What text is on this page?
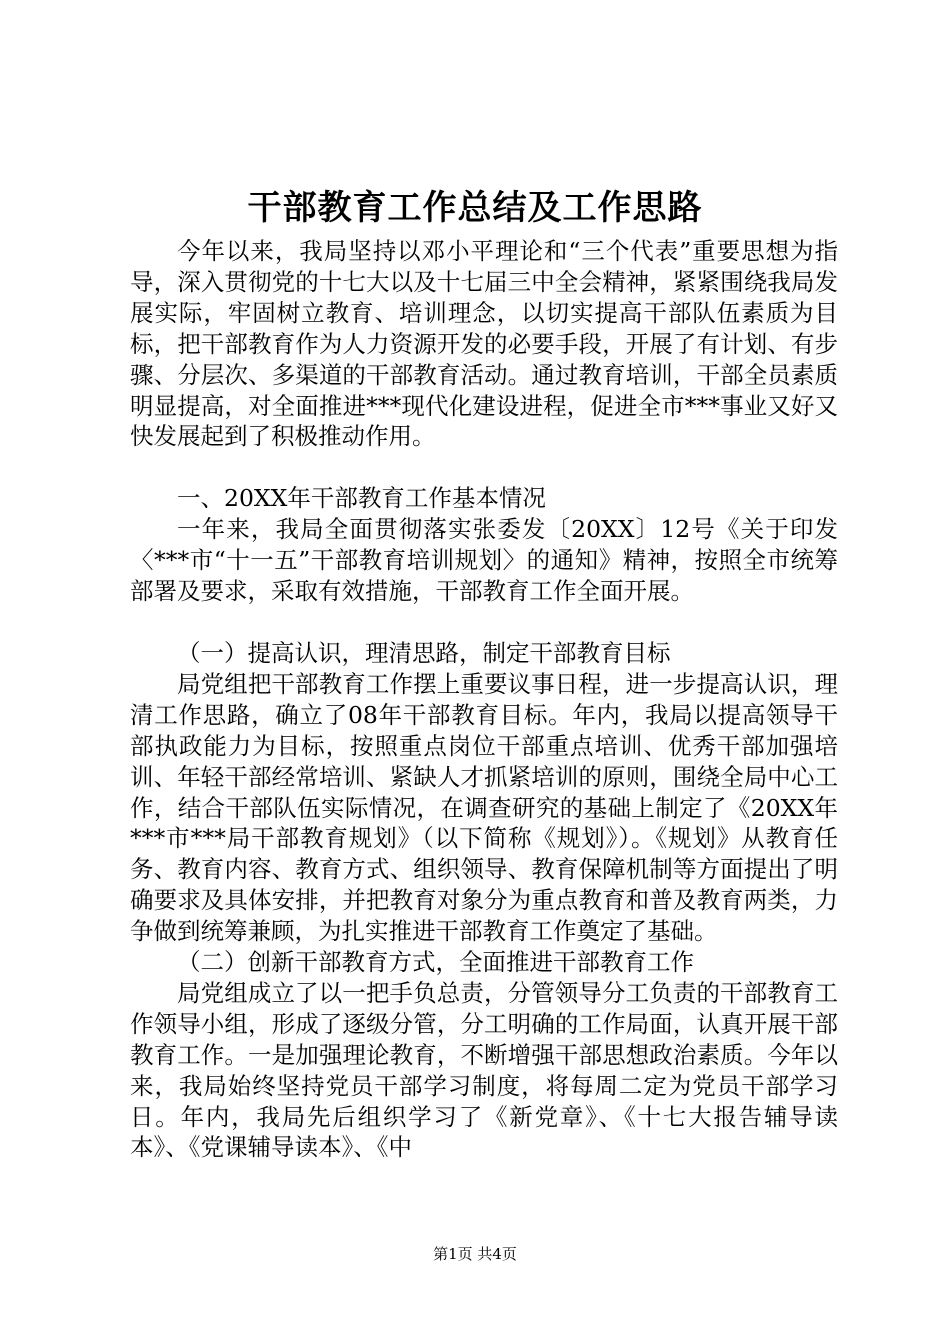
干部教育工作总结及工作思路

今年以来，我局坚持以邓小平理论和“三个代表”重要思想为指导，深入贯彻党的十七大以及十七届三中全会精神，紧紧围绕我局发展实际，牢固树立教育、培训理念，以切实提高干部队伍素质为目标，把干部教育作为人力资源开发的必要手段，开展了有计划、有步骤、分层次、多渠道的干部教育活动。通过教育培训，干部全员素质明显提高，对全面推进***现代化建设进程，促进全市***事业又好又快发展起到了积极推动作用。

一、20XX年干部教育工作基本情况

一年来，我局全面贯彻落实张委发〔20XX〕12号《关于印发〈***市“十一五”干部教育培训规划〉的通知》精神，按照全市统筹部署及要求，采取有效措施，干部教育工作全面开展。

（一）提高认识，理清思路，制定干部教育目标

局党组把干部教育工作摆上重要议事日程，进一步提高认识，理清工作思路，确立了08年干部教育目标。年内，我局以提高领导干部执政能力为目标，按照重点岗位干部重点培训、优秀干部加强培训、年轻干部经常培训、紧缺人才抓紧培训的原则，围绕全局中心工作，结合干部队伍实际情况，在调查研究的基础上制定了《20XX年***市***局干部教育规划》（以下简称《规划》）。《规划》从教育任务、教育内容、教育方式、组织领导、教育保障机制等方面提出了明确要求及具体安排，并把教育对象分为重点教育和普及教育两类，力争做到统筹兼顾，为扎实推进干部教育工作奠定了基础。

（二）创新干部教育方式，全面推进干部教育工作

局党组成立了以一把手负总责，分管领导分工负责的干部教育工作领导小组，形成了逐级分管，分工明确的工作局面，认真开展干部教育工作。一是加强理论教育，不断增强干部思想政治素质。今年以来，我局始终坚持党员干部学习制度，将每周二定为党员干部学习日。年内，我局先后组织学习了《新党章》、《十七大报告辅导读本》、《党课辅导读本》、《中

第1页 共4页
